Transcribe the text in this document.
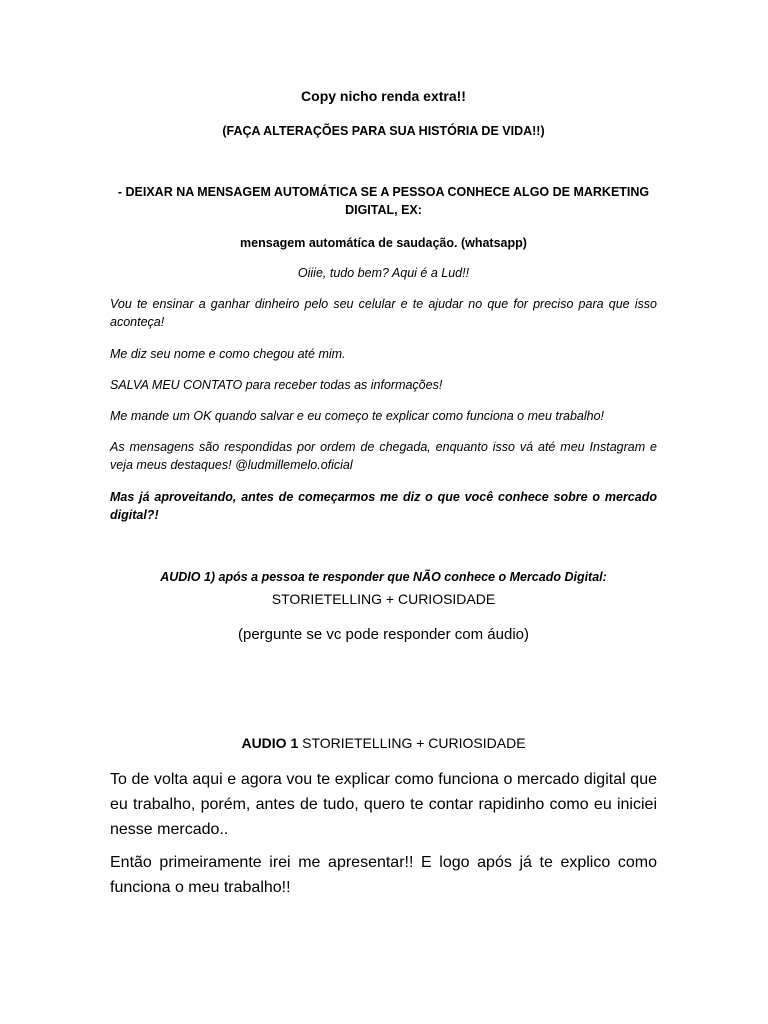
Copy nicho renda extra!!

(FAÇA ALTERAÇÕES PARA SUA HISTÓRIA DE VIDA!!)

- DEIXAR NA MENSAGEM AUTOMÁTICA SE A PESSOA CONHECE ALGO DE MARKETING DIGITAL, EX:

mensagem automátíca de saudação. (whatsapp)

Oiiie, tudo bem? Aqui é a Lud!!

Vou te ensinar a ganhar dinheiro pelo seu celular e te ajudar no que for preciso para que isso aconteça!

Me diz seu nome e como chegou até mim.

SALVA MEU CONTATO para receber todas as informações!

Me mande um OK quando salvar e eu começo te explicar como funciona o meu trabalho!

As mensagens são respondidas por ordem de chegada, enquanto isso vá até meu Instagram e veja meus destaques! @ludmillemelo.oficial

Mas já aproveitando, antes de começarmos me diz o que você conhece sobre o mercado digital?!

AUDIO 1) após a pessoa te responder que NÃO conhece o Mercado Digital:

STORIETELLING + CURIOSIDADE

(pergunte se vc pode responder com áudio)

AUDIO 1 STORIETELLING + CURIOSIDADE

To de volta aqui e agora vou te explicar como funciona o mercado digital que eu trabalho, porém, antes de tudo, quero te contar rapidinho como eu iniciei nesse mercado..

Então primeiramente irei me apresentar!! E logo após já te explico como funciona o meu trabalho!!
